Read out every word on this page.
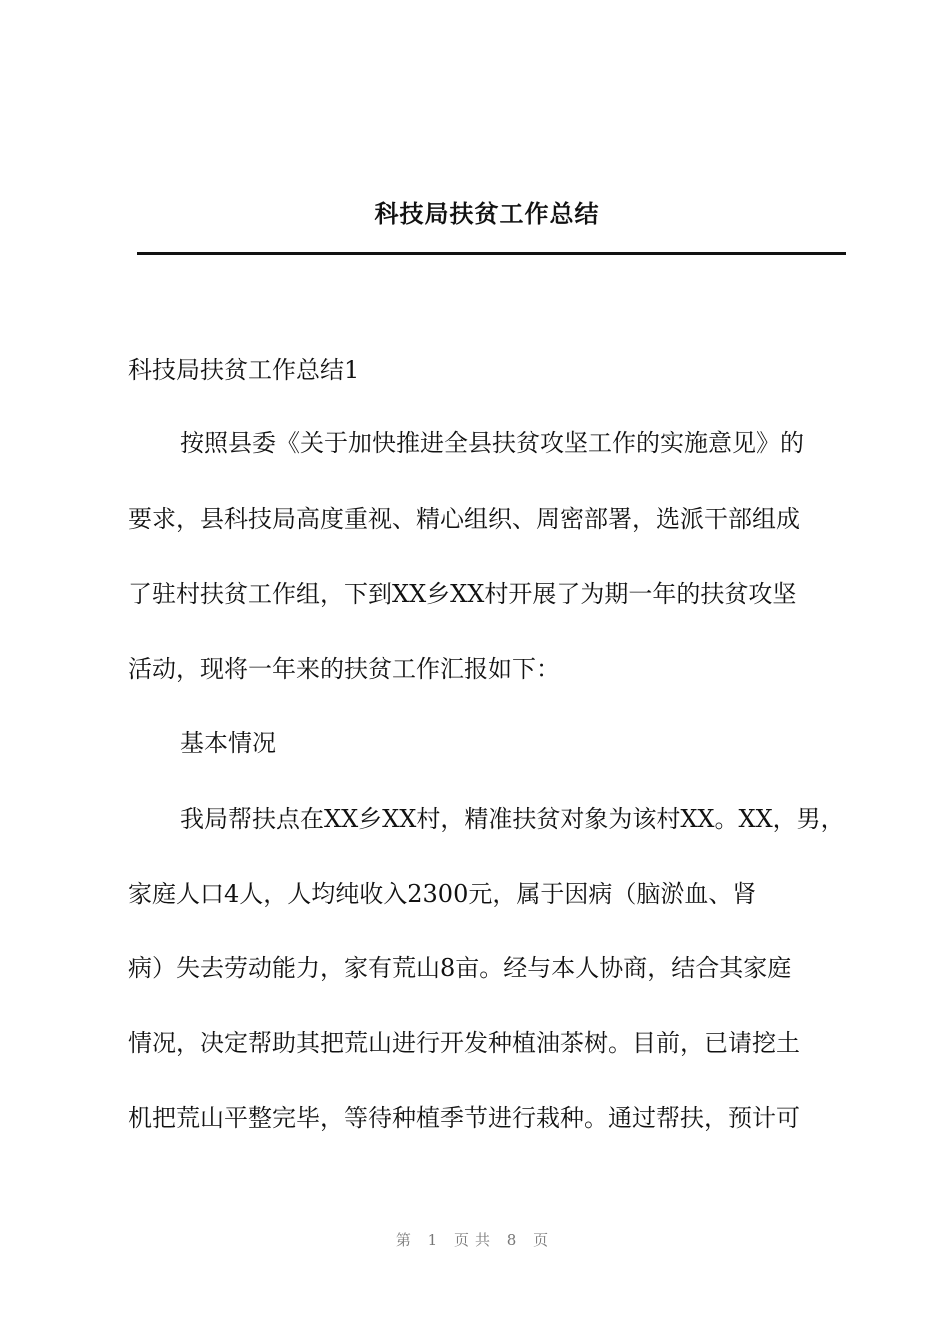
科技局扶贫工作总结
科技局扶贫工作总结1
按照县委《关于加快推进全县扶贫攻坚工作的实施意见》的
要求，县科技局高度重视、精心组织、周密部署，选派干部组成
了驻村扶贫工作组，下到XX乡XX村开展了为期一年的扶贫攻坚
活动，现将一年来的扶贫工作汇报如下：
基本情况
我局帮扶点在XX乡XX村，精准扶贫对象为该村XX。XX，男，
家庭人口4人，人均纯收入2300元，属于因病（脑淤血、肾
病）失去劳动能力，家有荒山8亩。经与本人协商，结合其家庭
情况，决定帮助其把荒山进行开发种植油茶树。目前，已请挖土
机把荒山平整完毕，等待种植季节进行栽种。通过帮扶，预计可
第 1 页共 8 页
